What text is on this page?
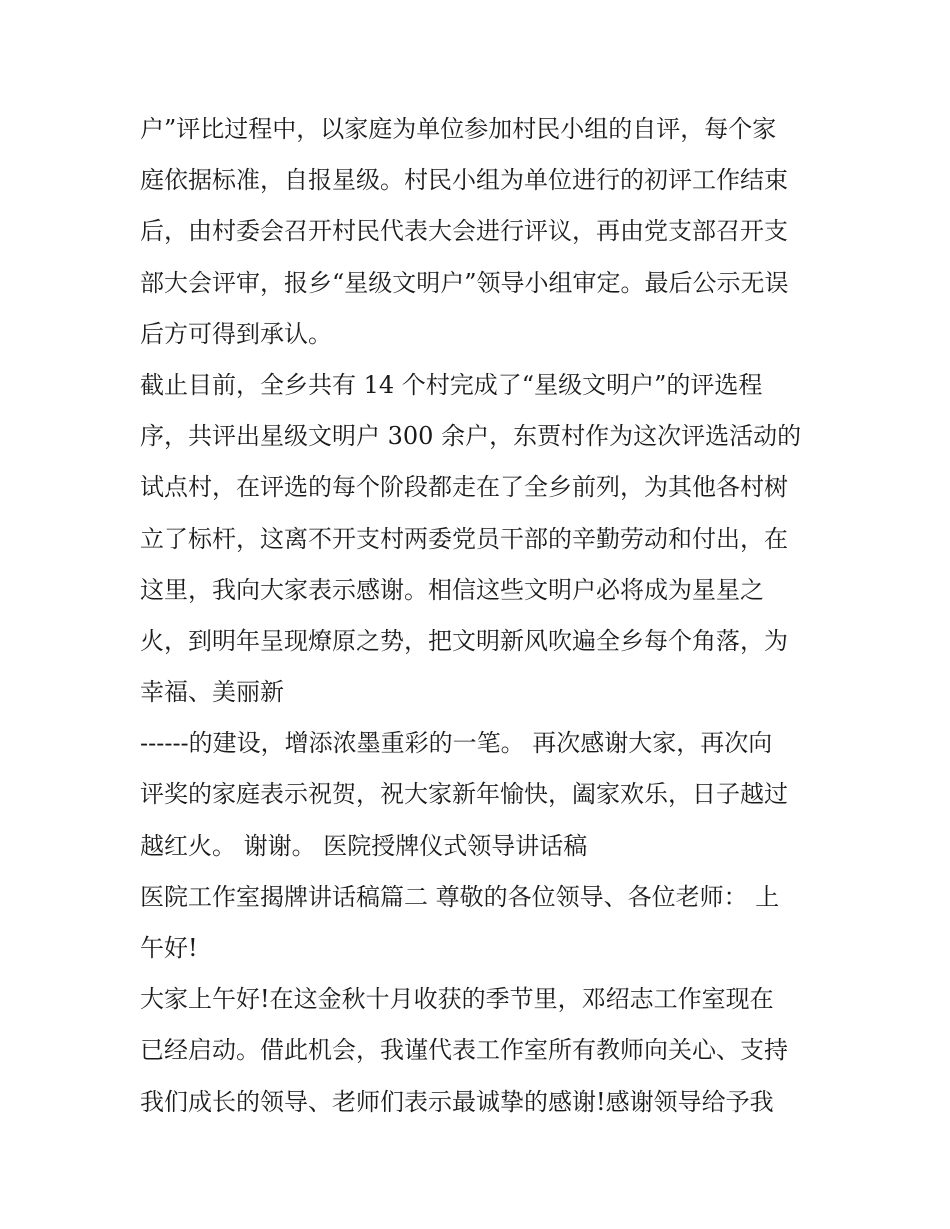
户”评比过程中，以家庭为单位参加村民小组的自评，每个家
庭依据标准，自报星级。村民小组为单位进行的初评工作结束
后，由村委会召开村民代表大会进行评议，再由党支部召开支
部大会评审，报乡“星级文明户”领导小组审定。最后公示无误
后方可得到承认。
截止目前，全乡共有 14 个村完成了“星级文明户”的评选程
序，共评出星级文明户 300 余户，东贾村作为这次评选活动的
试点村，在评选的每个阶段都走在了全乡前列，为其他各村树
立了标杆，这离不开支村两委党员干部的辛勤劳动和付出，在
这里，我向大家表示感谢。相信这些文明户必将成为星星之
火，到明年呈现燎原之势，把文明新风吹遍全乡每个角落，为
幸福、美丽新
------的建设，增添浓墨重彩的一笔。 再次感谢大家，再次向
评奖的家庭表示祝贺，祝大家新年愉快，阖家欢乐，日子越过
越红火。 谢谢。 医院授牌仪式领导讲话稿
医院工作室揭牌讲话稿篇二 尊敬的各位领导、各位老师： 上
午好!
大家上午好!在这金秋十月收获的季节里，邓绍志工作室现在
已经启动。借此机会，我谨代表工作室所有教师向关心、支持
我们成长的领导、老师们表示最诚挚的感谢!感谢领导给予我
